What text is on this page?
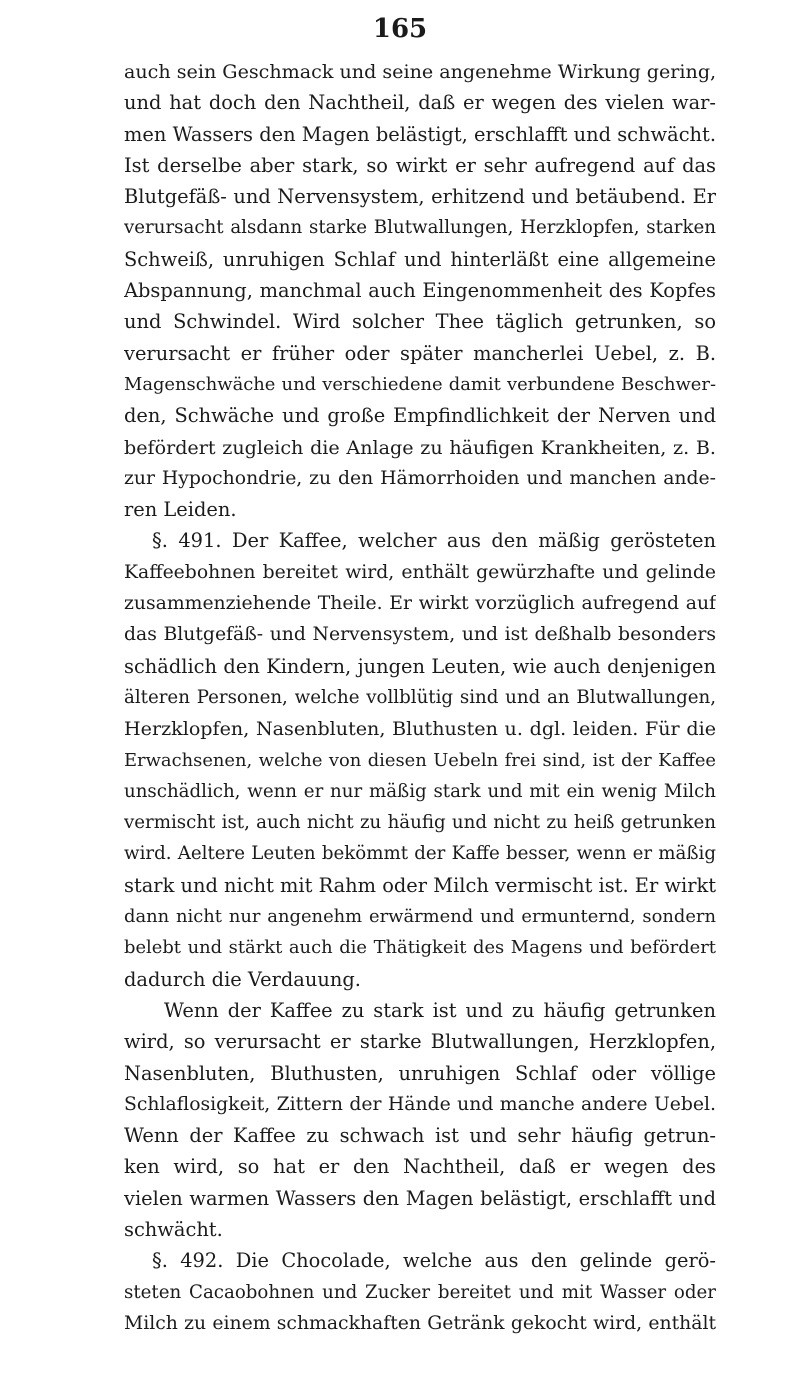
165
auch sein Geschmack und seine angenehme Wirkung gering,
und hat doch den Nachtheil, daß er wegen des vielen war-
men Wassers den Magen belästigt, erschlafft und schwächt.
Ist derselbe aber stark, so wirkt er sehr aufregend auf das
Blutgefäß- und Nervensystem, erhitzend und betäubend. Er
verursacht alsdann starke Blutwallungen, Herzklopfen, starken
Schweiß, unruhigen Schlaf und hinterläßt eine allgemeine
Abspannung, manchmal auch Eingenommenheit des Kopfes
und Schwindel. Wird solcher Thee täglich getrunken, so
verursacht er früher oder später mancherlei Uebel, z. B.
Magenschwäche und verschiedene damit verbundene Beschwer-
den, Schwäche und große Empfindlichkeit der Nerven und
befördert zugleich die Anlage zu häufigen Krankheiten, z. B.
zur Hypochondrie, zu den Hämorrhoiden und manchen ande-
ren Leiden.
§. 491. Der Kaffee, welcher aus den mäßig gerösteten
Kaffeebohnen bereitet wird, enthält gewürzhafte und gelinde
zusammenziehende Theile. Er wirkt vorzüglich aufregend auf
das Blutgefäß- und Nervensystem, und ist deßhalb besonders
schädlich den Kindern, jungen Leuten, wie auch denjenigen
älteren Personen, welche vollblütig sind und an Blutwallungen,
Herzklopfen, Nasenbluten, Bluthusten u. dgl. leiden. Für die
Erwachsenen, welche von diesen Uebeln frei sind, ist der Kaffee
unschädlich, wenn er nur mäßig stark und mit ein wenig Milch
vermischt ist, auch nicht zu häufig und nicht zu heiß getrunken
wird. Aeltere Leuten bekömmt der Kaffe besser, wenn er mäßig
stark und nicht mit Rahm oder Milch vermischt ist. Er wirkt
dann nicht nur angenehm erwärmend und ermunternd, sondern
belebt und stärkt auch die Thätigkeit des Magens und befördert
dadurch die Verdauung.
Wenn der Kaffee zu stark ist und zu häufig getrunken
wird, so verursacht er starke Blutwallungen, Herzklopfen,
Nasenbluten, Bluthusten, unruhigen Schlaf oder völlige
Schlaflosigkeit, Zittern der Hände und manche andere Uebel.
Wenn der Kaffee zu schwach ist und sehr häufig getrun-
ken wird, so hat er den Nachtheil, daß er wegen des
vielen warmen Wassers den Magen belästigt, erschlafft und
schwächt.
§. 492. Die Chocolade, welche aus den gelinde gerö-
steten Cacaobohnen und Zucker bereitet und mit Wasser oder
Milch zu einem schmackhaften Getränk gekocht wird, enthält
